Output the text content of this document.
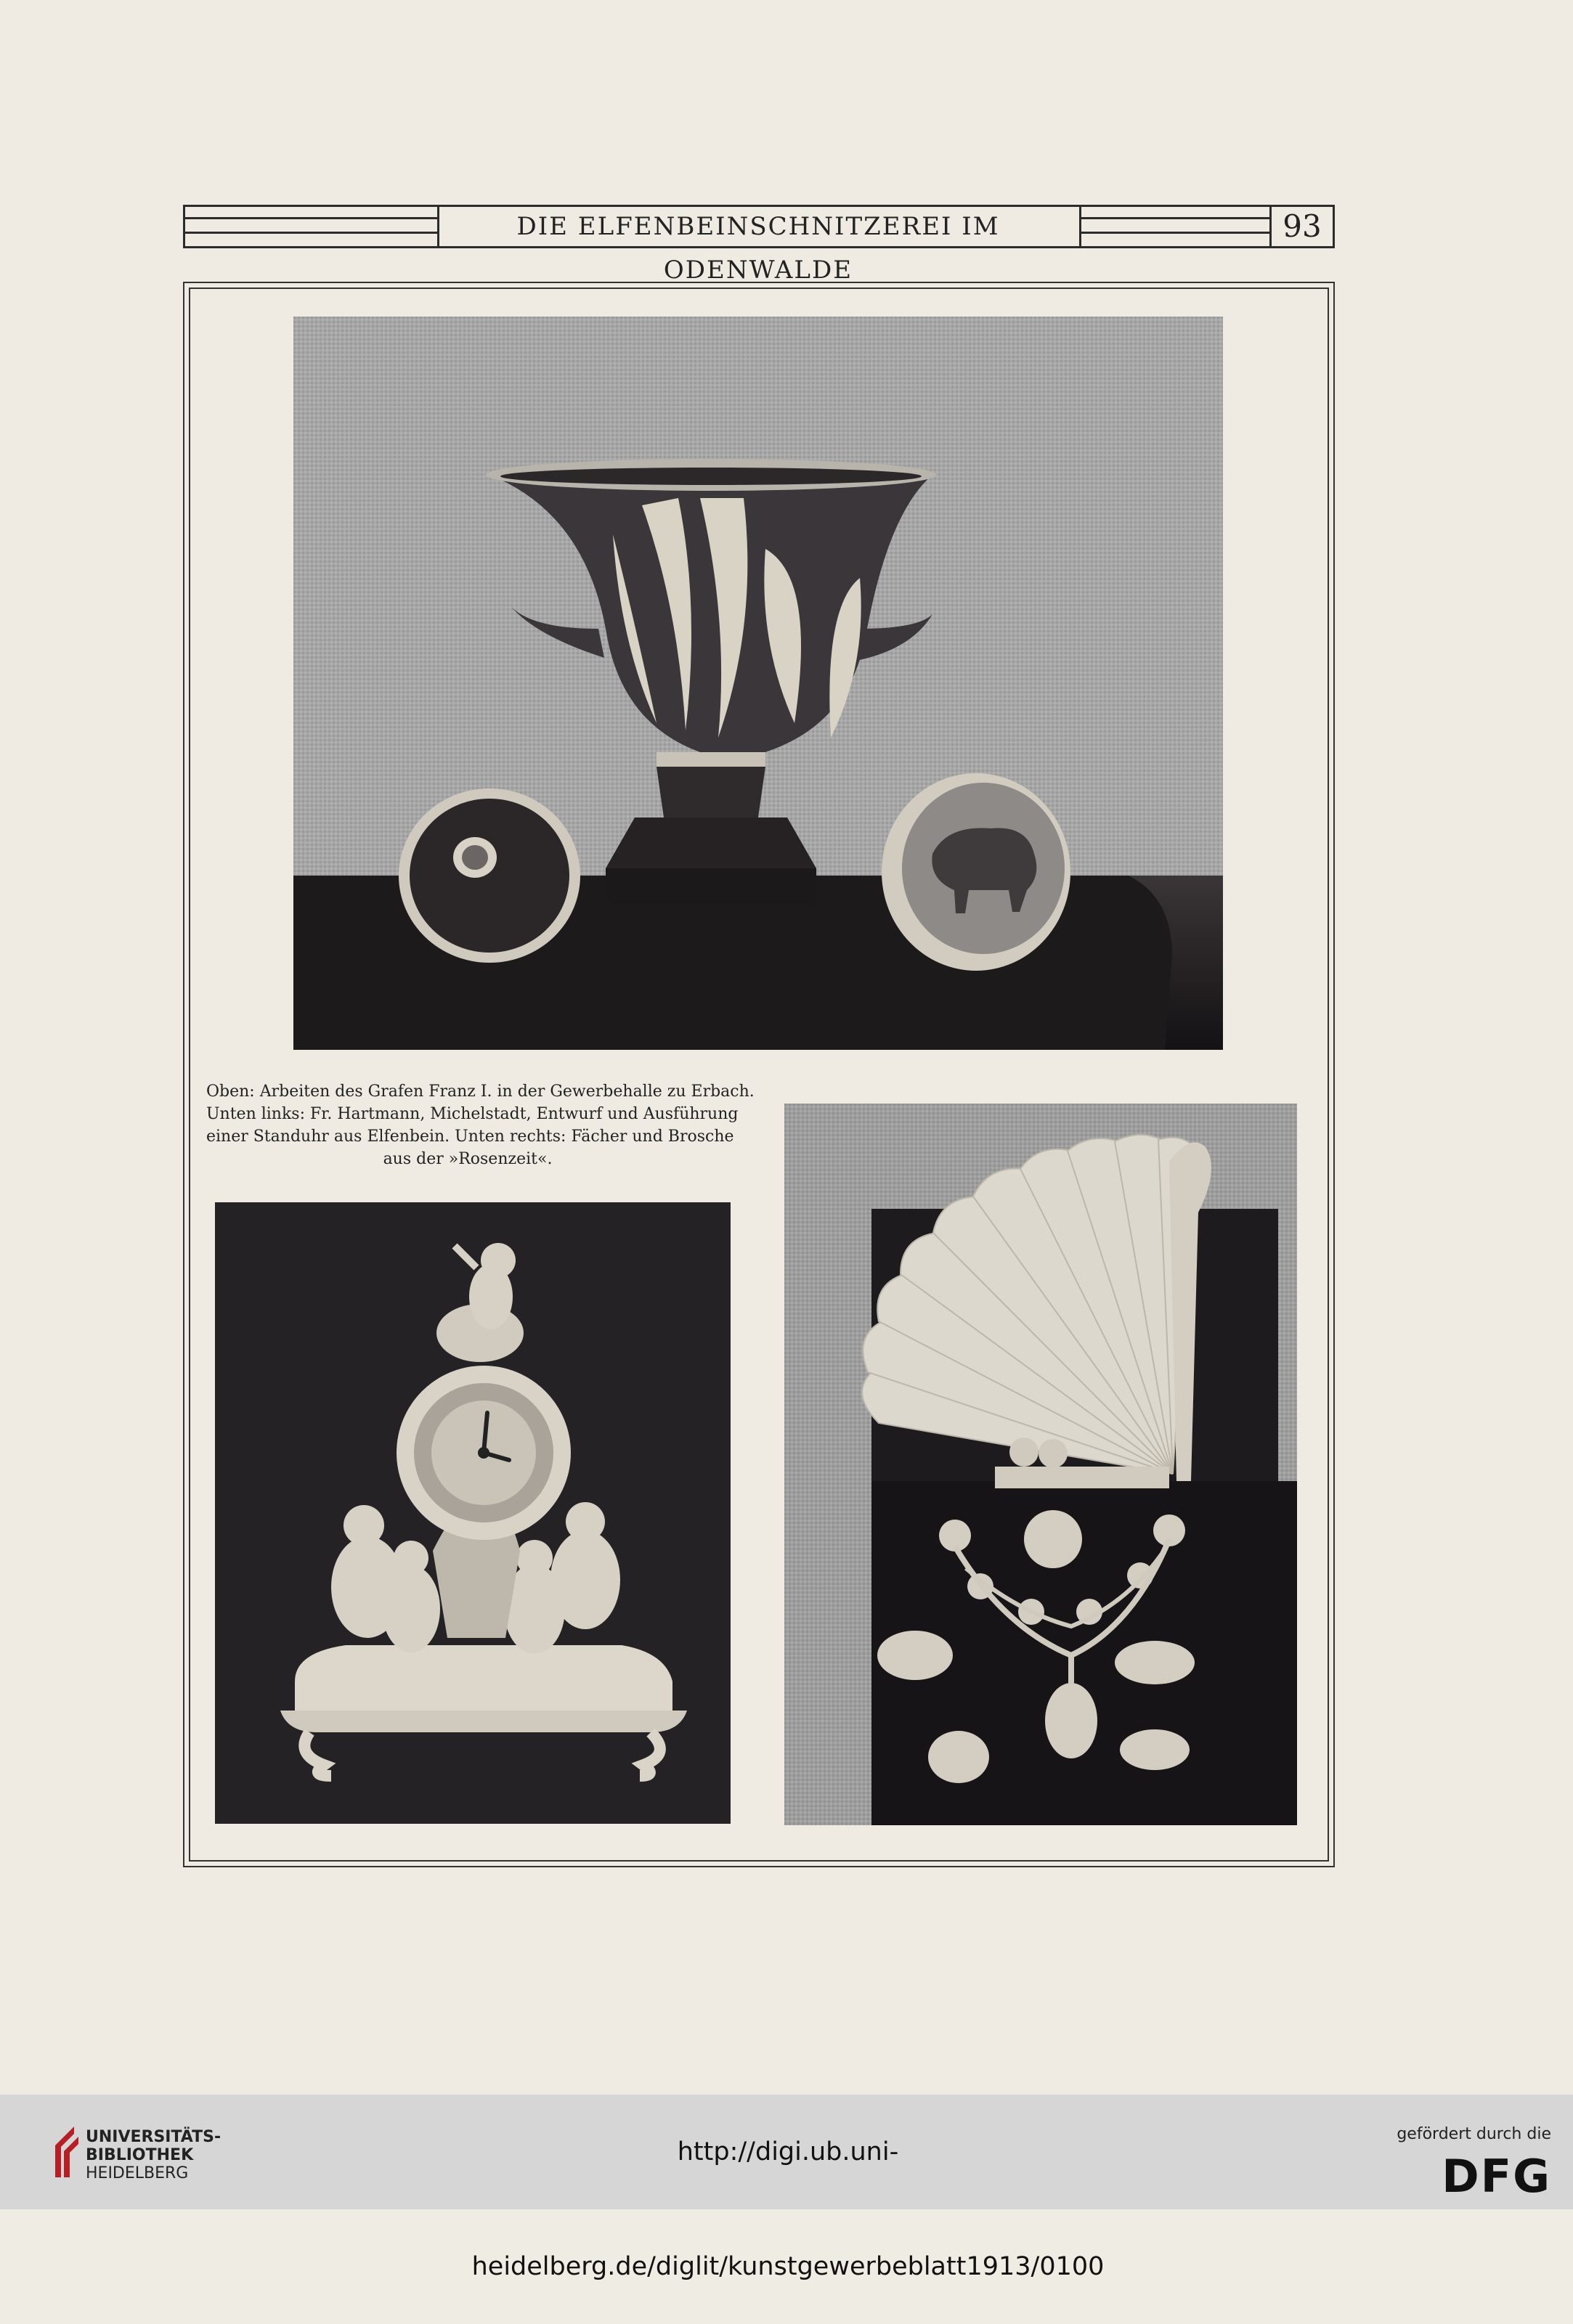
DIE ELFENBEINSCHNITZEREI IM ODENWALDE
93
Oben: Arbeiten des Grafen Franz I. in der Gewerbehalle zu Erbach.
Unten links: Fr. Hartmann, Michelstadt, Entwurf und Ausführung
einer Standuhr aus Elfenbein. Unten rechts: Fächer und Brosche
aus der »Rosenzeit«.
UNIVERSITÄTS-
BIBLIOTHEK
HEIDELBERG
http://digi.ub.uni-heidelberg.de/diglit/kunstgewerbeblatt1913/0100
gefördert durch die
DFG
